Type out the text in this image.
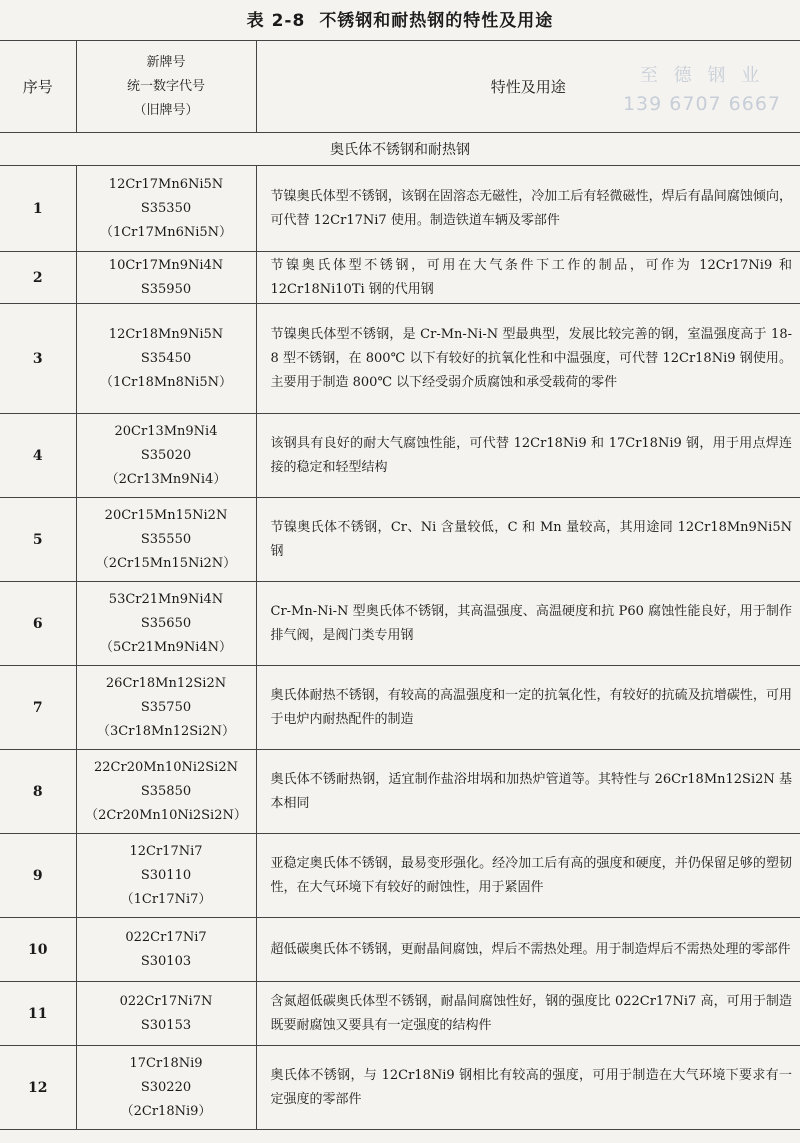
表 2-8 不锈钢和耐热钢的特性及用途
序号	新牌号
统一数字代号
（旧牌号）	特性及用途
奥氏体不锈钢和耐热钢		
1	12Cr17Mn6Ni5N
S35350
（1Cr17Mn6Ni5N）	节镍奥氏体型不锈钢，该钢在固溶态无磁性，冷加工后有轻微磁性，焊后有晶间腐蚀倾向，可代替 12Cr17Ni7 使用。制造铁道车辆及零部件

2	10Cr17Mn9Ni4N
S35950	节镍奥氏体型不锈钢，可用在大气条件下工作的制品，可作为 12Cr17Ni9 和 12Cr18Ni10Ti 钢的代用钢

3	12Cr18Mn9Ni5N
S35450
（1Cr18Mn8Ni5N）	节镍奥氏体型不锈钢，是 Cr-Mn-Ni-N 型最典型，发展比较完善的钢，室温强度高于 18-8 型不锈钢，在 800℃ 以下有较好的抗氧化性和中温强度，可代替 12Cr18Ni9 钢使用。主要用于制造 800℃ 以下经受弱介质腐蚀和承受载荷的零件

4	20Cr13Mn9Ni4
S35020
（2Cr13Mn9Ni4）	该钢具有良好的耐大气腐蚀性能，可代替 12Cr18Ni9 和 17Cr18Ni9 钢，用于用点焊连接的稳定和轻型结构

5	20Cr15Mn15Ni2N
S35550
（2Cr15Mn15Ni2N）	节镍奥氏体不锈钢，Cr、Ni 含量较低，C 和 Mn 量较高，其用途同 12Cr18Mn9Ni5N 钢

6	53Cr21Mn9Ni4N
S35650
（5Cr21Mn9Ni4N）	Cr-Mn-Ni-N 型奥氏体不锈钢，其高温强度、高温硬度和抗 P60 腐蚀性能良好，用于制作排气阀，是阀门类专用钢

7	26Cr18Mn12Si2N
S35750
（3Cr18Mn12Si2N）	奥氏体耐热不锈钢，有较高的高温强度和一定的抗氧化性，有较好的抗硫及抗增碳性，可用于电炉内耐热配件的制造

8	22Cr20Mn10Ni2Si2N
S35850
（2Cr20Mn10Ni2Si2N）	奥氏体不锈耐热钢，适宜制作盐浴坩埚和加热炉管道等。其特性与 26Cr18Mn12Si2N 基本相同

9	12Cr17Ni7
S30110
（1Cr17Ni7）	亚稳定奥氏体不锈钢，最易变形强化。经冷加工后有高的强度和硬度，并仍保留足够的塑韧性，在大气环境下有较好的耐蚀性，用于紧固件

10	022Cr17Ni7
S30103	超低碳奥氏体不锈钢，更耐晶间腐蚀，焊后不需热处理。用于制造焊后不需热处理的零部件

11	022Cr17Ni7N
S30153	含氮超低碳奥氏体型不锈钢，耐晶间腐蚀性好，钢的强度比 022Cr17Ni7 高，可用于制造既要耐腐蚀又要具有一定强度的结构件

12	17Cr18Ni9
S30220
（2Cr18Ni9）	奥氏体不锈钢，与 12Cr18Ni9 钢相比有较高的强度，可用于制造在大气环境下要求有一定强度的零部件
至 德 钢 业
139 6707 6667
